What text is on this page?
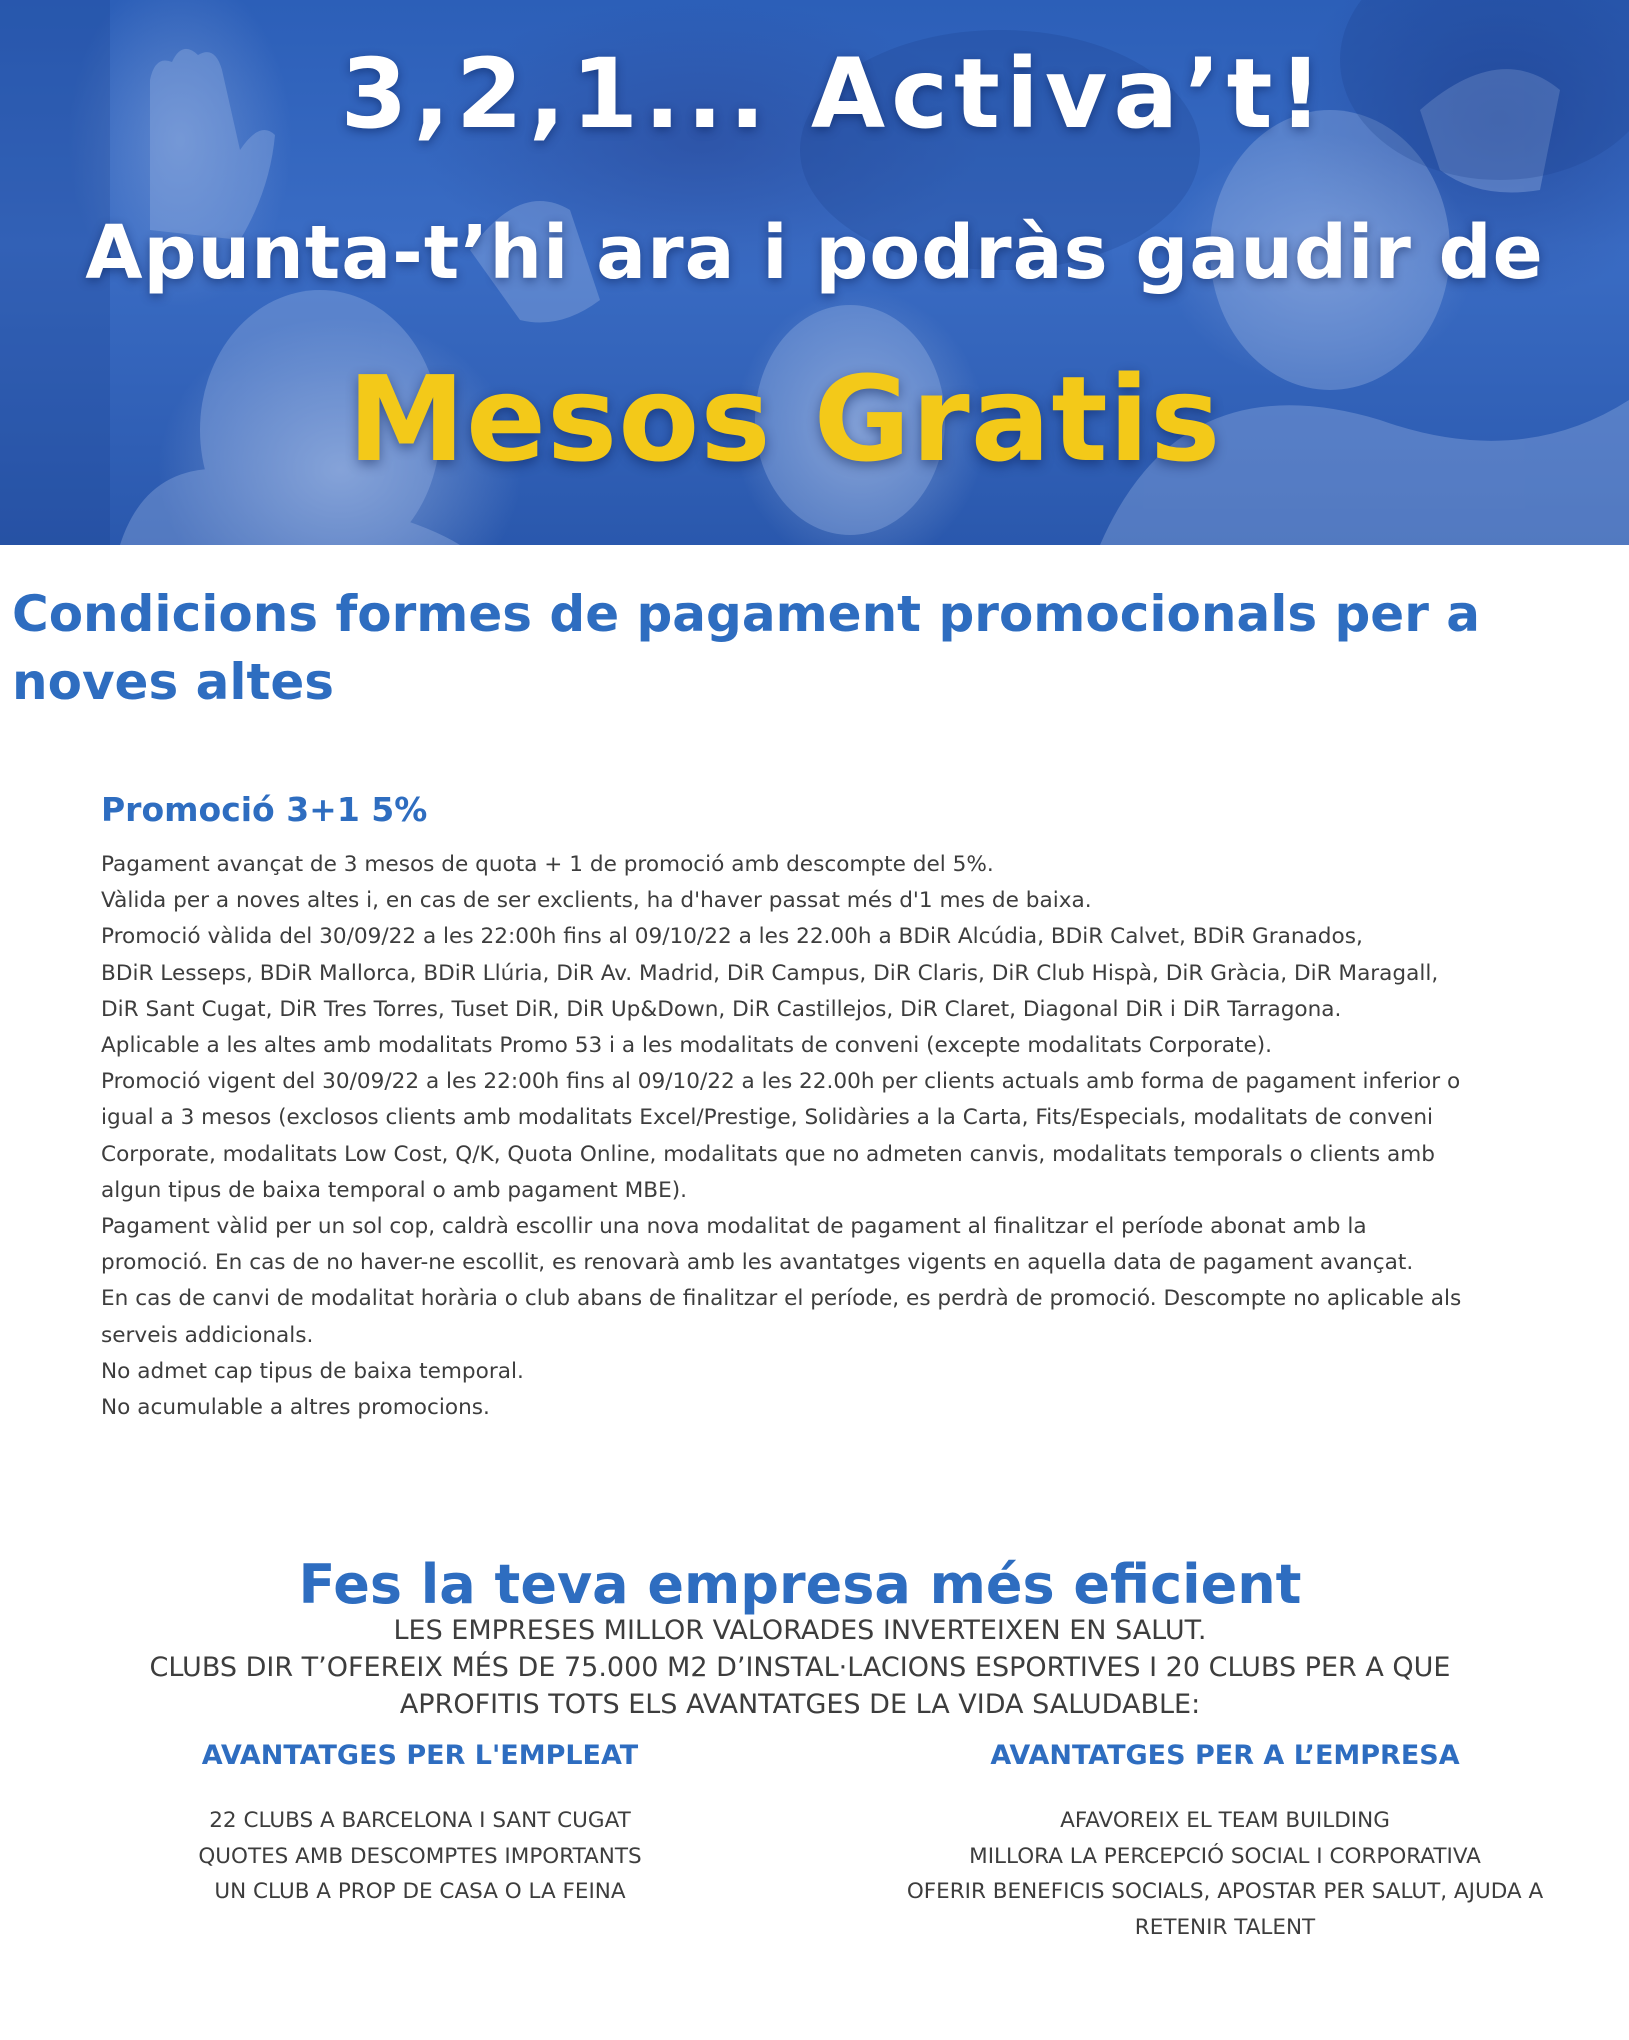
3,2,1... Activa’t!
Apunta-t’hi ara i podràs gaudir de
Mesos Gratis
Condicions formes de pagament promocionals per a noves altes
Promoció 3+1 5%
Pagament avançat de 3 mesos de quota + 1 de promoció amb descompte del 5%.
Vàlida per a noves altes i, en cas de ser exclients, ha d'haver passat més d'1 mes de baixa.
Promoció vàlida del 30/09/22 a les 22:00h fins al 09/10/22 a les 22.00h a BDiR Alcúdia, BDiR Calvet, BDiR Granados,
BDiR Lesseps, BDiR Mallorca, BDiR Llúria, DiR Av. Madrid, DiR Campus, DiR Claris, DiR Club Hispà, DiR Gràcia, DiR Maragall,
DiR Sant Cugat, DiR Tres Torres, Tuset DiR, DiR Up&Down, DiR Castillejos, DiR Claret, Diagonal DiR i DiR Tarragona.
Aplicable a les altes amb modalitats Promo 53 i a les modalitats de conveni (excepte modalitats Corporate).
Promoció vigent del 30/09/22 a les 22:00h fins al 09/10/22 a les 22.00h per clients actuals amb forma de pagament inferior o
igual a 3 mesos (exclosos clients amb modalitats Excel/Prestige, Solidàries a la Carta, Fits/Especials, modalitats de conveni
Corporate, modalitats Low Cost, Q/K, Quota Online, modalitats que no admeten canvis, modalitats temporals o clients amb
algun tipus de baixa temporal o amb pagament MBE).
Pagament vàlid per un sol cop, caldrà escollir una nova modalitat de pagament al finalitzar el període abonat amb la
promoció. En cas de no haver-ne escollit, es renovarà amb les avantatges vigents en aquella data de pagament avançat.
En cas de canvi de modalitat horària o club abans de finalitzar el període, es perdrà de promoció. Descompte no aplicable als
serveis addicionals.
No admet cap tipus de baixa temporal.
No acumulable a altres promocions.
Fes la teva empresa més eficient
LES EMPRESES MILLOR VALORADES INVERTEIXEN EN SALUT.
CLUBS DIR T’OFEREIX MÉS DE 75.000 M2 D’INSTAL·LACIONS ESPORTIVES I 20 CLUBS PER A QUE
APROFITIS TOTS ELS AVANTATGES DE LA VIDA SALUDABLE:
AVANTATGES PER L'EMPLEAT
22 CLUBS A BARCELONA I SANT CUGAT
QUOTES AMB DESCOMPTES IMPORTANTS
UN CLUB A PROP DE CASA O LA FEINA
AVANTATGES PER A L’EMPRESA
AFAVOREIX EL TEAM BUILDING
MILLORA LA PERCEPCIÓ SOCIAL I CORPORATIVA
OFERIR BENEFICIS SOCIALS, APOSTAR PER SALUT, AJUDA A RETENIR TALENT
